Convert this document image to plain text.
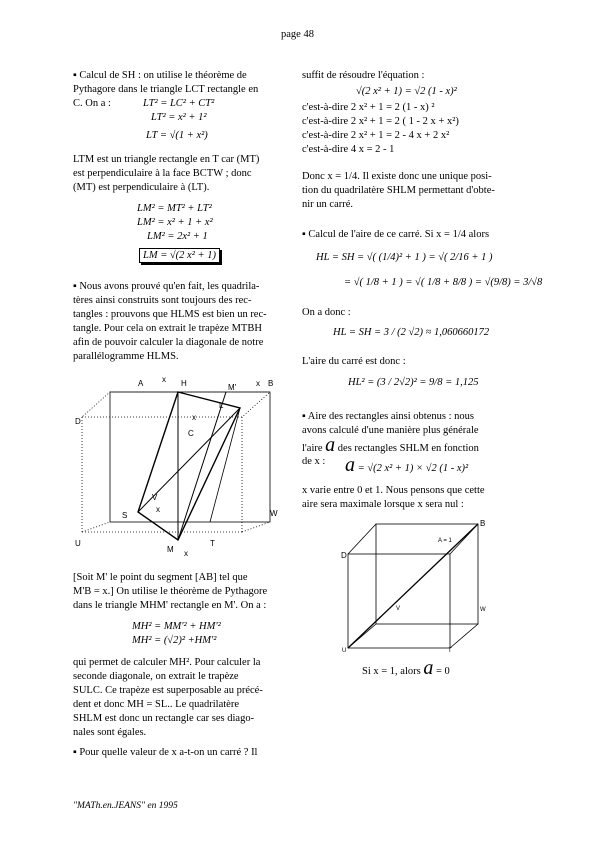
page 48
▪ Calcul de SH : on utilise le théorème de
Pythagore dans le triangle LCT rectangle en
C. On a :	LT² = LC² + CT²
LT² = x² + 1²
LT = √(1 + x²)
LTM est un triangle rectangle en T car (MT)
est perpendiculaire à la face BCTW ; donc
(MT) est perpendiculaire à (LT).
LM² = MT² + LT²
LM² = x² + 1 + x²
LM² = 2x² + 1
LM = √(2 x² + 1)
▪ Nous avons prouvé qu'en fait, les quadrila-
tères ainsi construits sont toujours des rec-
tangles : prouvons que HLMS est bien un rec-
tangle. Pour cela on extrait le trapèze MTBH
afin de pouvoir calculer la diagonale de notre
parallélogramme HLMS.
A	H	M'	B
D
C
L
S
V
W
U
M
T
x	x
x
x
x
[Soit M' le point du segment [AB] tel que
M'B = x.] On utilise le théorème de Pythagore
dans le triangle MHM' rectangle en M'. On a :
MH² = MM'² + HM'²
MH² = (√2)² +HM'²
qui permet de calculer MH². Pour calculer la
seconde diagonale, on extrait le trapèze
SULC. Ce trapèze est superposable au précé-
dent et donc MH = SL.. Le quadrilatère
SHLM est donc un rectangle car ses diago-
nales sont égales.
▪ Pour quelle valeur de x a-t-on un carré ? Il
suffit de résoudre l'équation :
√(2 x² + 1) = √2 (1 - x)²
c'est-à-dire 2 x² + 1 = 2 (1 - x) ²
c'est-à-dire 2 x² + 1 = 2 ( 1 - 2 x + x²)
c'est-à-dire 2 x² + 1 = 2 - 4 x + 2 x²
c'est-à-dire 4 x = 2 - 1
Donc x = 1/4. Il existe donc une unique posi-
tion du quadrilatère SHLM permettant d'obte-
nir un carré.
▪ Calcul de l'aire de ce carré. Si x = 1/4 alors
HL = SH = √( (1/4)² + 1 ) = √( 2/16 + 1 )
= √( 1/8 + 1 ) = √( 1/8 + 8/8 ) = √(9/8) = 3/√8
On a donc :
HL = SH = 3 / (2 √2) ≈ 1,060660172
L'aire du carré est donc :
HL² = (3 / 2√2)² = 9/8 = 1,125
▪ Aire des rectangles ainsi obtenus : nous
avons calculé d'une manière plus générale
l'aire a des rectangles SHLM en fonction
de x : a = √(2 x² + 1) × √2 (1 - x)²
x varie entre 0 et 1. Nous pensons que cette
aire sera maximale lorsque x sera nul :
D
B
A = 1
V	W
U	T
Si x = 1, alors a = 0
"MATh.en.JEANS" en 1995
